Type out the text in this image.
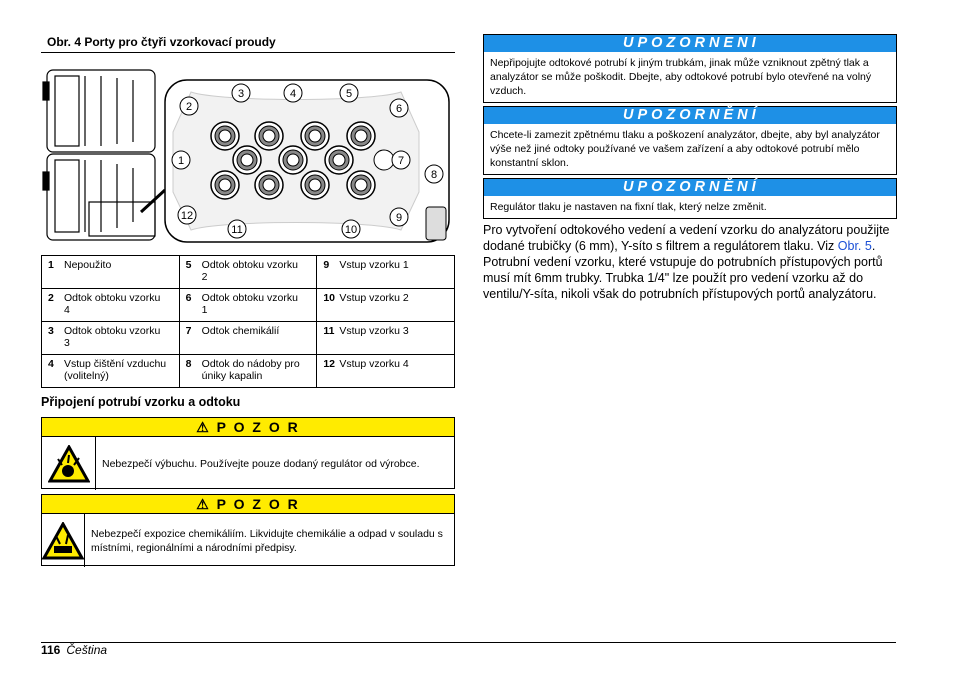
Obr. 4 Porty pro čtyři vzorkovací proudy
1
2
3	4	5
6
7
8
9
10
11
12
1 Nepoužito	5 Odtok obtoku vzorku 2	9 Vstup vzorku 1
2 Odtok obtoku vzorku 4	6 Odtok obtoku vzorku 1	10 Vstup vzorku 2
3 Odtok obtoku vzorku 3	7 Odtok chemikálií	11 Vstup vzorku 3
4 Vstup čištění vzduchu (volitelný)	8 Odtok do nádoby pro úniky kapalin	12 Vstup vzorku 4
Připojení potrubí vzorku a odtoku
⚠ P O Z O R
Nebezpečí výbuchu. Používejte pouze dodaný regulátor od výrobce.
⚠ P O Z O R
Nebezpečí expozice chemikáliím. Likvidujte chemikálie a odpad v souladu s místními, regionálními a národními předpisy.
UPOZORNENI
Nepřipojujte odtokové potrubí k jiným trubkám, jinak může vzniknout zpětný tlak a analyzátor se může poškodit. Dbejte, aby odtokové potrubí bylo otevřené na volný vzduch.
UPOZORNĚNÍ
Chcete-li zamezit zpětnému tlaku a poškození analyzátor, dbejte, aby byl analyzátor výše než jiné odtoky používané ve vašem zařízení a aby odtokové potrubí mělo konstantní sklon.
UPOZORNĚNÍ
Regulátor tlaku je nastaven na fixní tlak, který nelze změnit.
Pro vytvoření odtokového vedení a vedení vzorku do analyzátoru použijte dodané trubičky (6 mm), Y-síto s filtrem a regulátorem tlaku. Viz Obr. 5. Potrubní vedení vzorku, které vstupuje do potrubních přístupových portů musí mít 6mm trubky. Trubka 1/4" lze použít pro vedení vzorku až do ventilu/Y-síta, nikoli však do potrubních přístupových portů analyzátoru.
116 Čeština
